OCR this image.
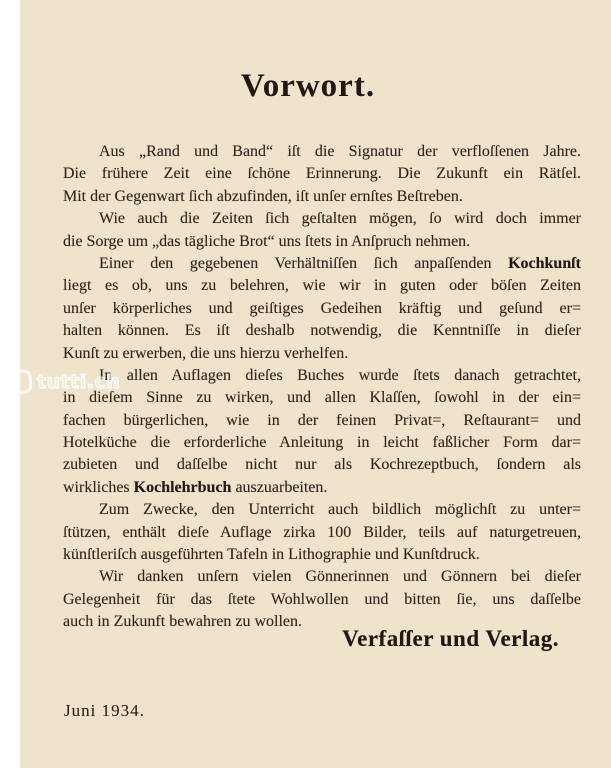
Vorwort.
Aus „Rand und Band“ iſt die Signatur der verfloſſenen Jahre.
Die frühere Zeit eine ſchöne Erinnerung. Die Zukunft ein Rätſel.
Mit der Gegenwart ſich abzufinden, iſt unſer ernſtes Beſtreben.
Wie auch die Zeiten ſich geſtalten mögen, ſo wird doch immer
die Sorge um „das tägliche Brot“ uns ſtets in Anſpruch nehmen.
Einer den gegebenen Verhältniſſen ſich anpaſſenden Kochkunſt
liegt es ob, uns zu belehren, wie wir in guten oder böſen Zeiten
unſer körperliches und geiſtiges Gedeihen kräftig und geſund er=
halten können. Es iſt deshalb notwendig, die Kenntniſſe in dieſer
Kunſt zu erwerben, die uns hierzu verhelfen.
In allen Auflagen dieſes Buches wurde ſtets danach getrachtet,
in dieſem Sinne zu wirken, und allen Klaſſen, ſowohl in der ein=
fachen bürgerlichen, wie in der feinen Privat=, Reſtaurant= und
Hotelküche die erforderliche Anleitung in leicht faßlicher Form dar=
zubieten und daſſelbe nicht nur als Kochrezeptbuch, ſondern als
wirkliches Kochlehrbuch auszuarbeiten.
Zum Zwecke, den Unterricht auch bildlich möglichſt zu unter=
ſtützen, enthält dieſe Auflage zirka 100 Bilder, teils auf naturgetreuen,
künſtleriſch ausgeführten Tafeln in Lithographie und Kunſtdruck.
Wir danken unſern vielen Gönnerinnen und Gönnern bei dieſer
Gelegenheit für das ſtete Wohlwollen und bitten ſie, uns daſſelbe
auch in Zukunft bewahren zu wollen.
Verfaſſer und Verlag.
Juni 1934.
☝ tutti.ch
